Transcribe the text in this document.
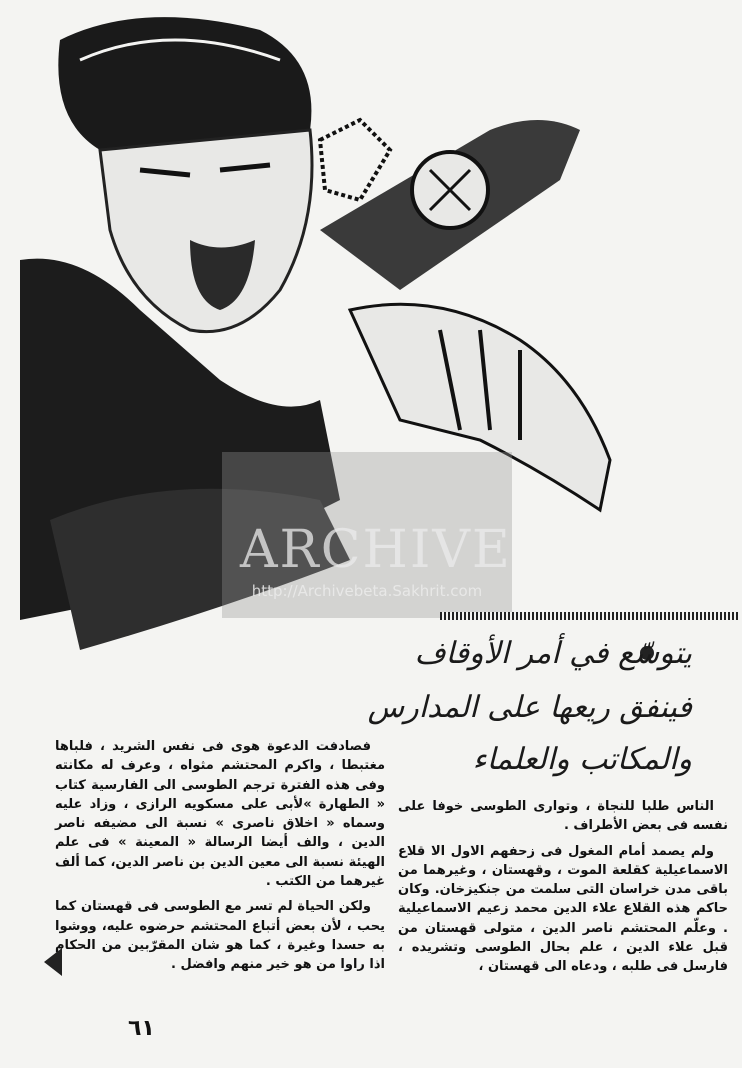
ARCHIVE
http://Archivebeta.Sakhrit.com
يتوسّع في أمر الأوقاف
فينفق ريعها على المدارس
والمكاتب والعلماء

الناس طلبا للنجاة ، وتوارى الطوسى خوفا على نفسه فى بعض الأطراف .

ولم يصمد أمام المغول فى زحفهم الاول الا قلاع الاسماعيلية كقلعة الموت ، وقهستان ، وغيرهما من باقى مدن خراسان التى سلمت من جنكيزخان. وكان حاكم هذه القلاع علاء الدين محمد زعيم الاسماعيلية . وعلّم المحتشم ناصر الدين ، متولى قهستان من قبل علاء الدين ، علم بحال الطوسى وتشريده ، فارسل فى طلبه ، ودعاه الى قهستان ،

فصادفت الدعوة هوى فى نفس الشريد ، فلباها مغتبطا ، واكرم المحتشم مثواه ، وعرف له مكانته وفى هذه الفترة ترجم الطوسى الى الفارسية كتاب « الطهارة »لأبى على مسكويه الرازى ، وزاد عليه وسماه « اخلاق ناصرى » نسبة الى مضيفه ناصر الدين ، والف أيضا الرسالة « المعينة » فى علم الهيئة نسبة الى معين الدين بن ناصر الدين، كما ألف غيرهما من الكتب .

ولكن الحياة لم تسر مع الطوسى فى قهستان كما يحب ، لأن بعض أتباع المحتشم حرضوه عليه، ووشوا به حسدا وغيرة ، كما هو شان المقرّبين من الحكام اذا راوا من هو خير منهم وافضل .

٦١
